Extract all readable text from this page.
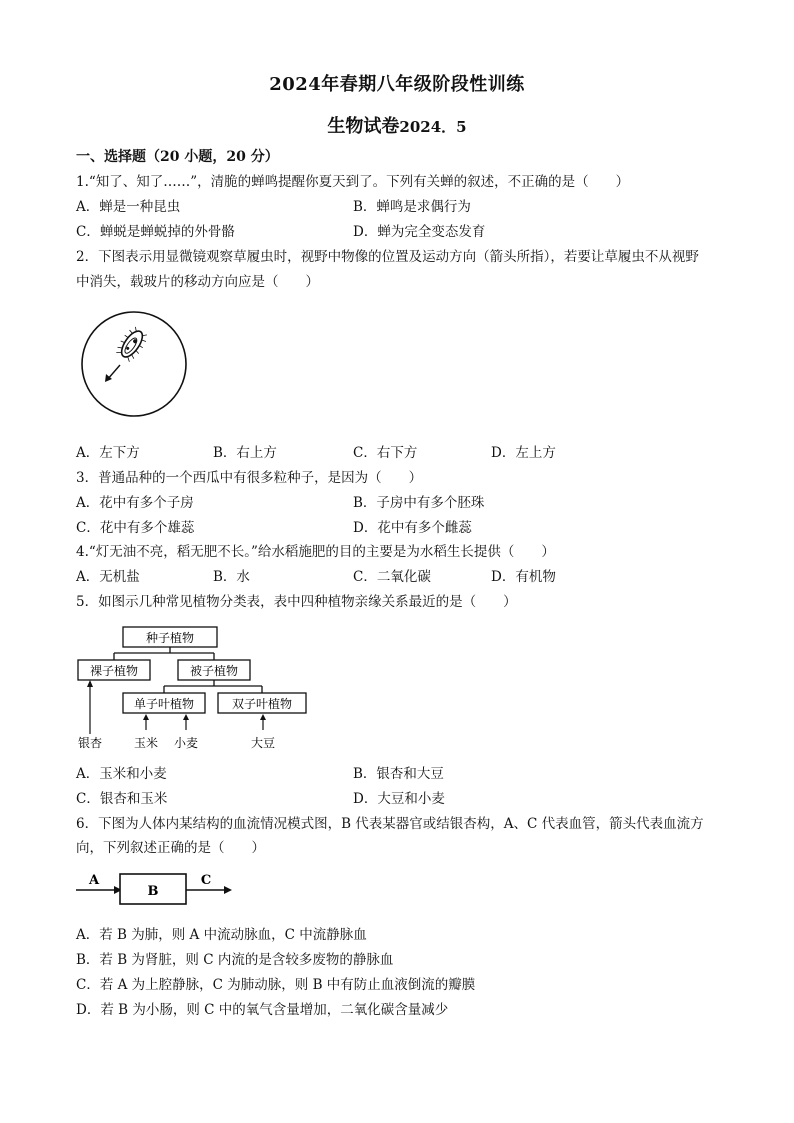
2024年春期八年级阶段性训练
生物试卷2024．5
一、选择题（20 小题，20 分）
1.“知了、知了……”，清脆的蝉鸣提醒你夏天到了。下列有关蝉的叙述，不正确的是（　　）
A．蝉是一种昆虫	B．蝉鸣是求偶行为
C．蝉蜕是蝉蜕掉的外骨骼	D．蝉为完全变态发育
2．下图表示用显微镜观察草履虫时，视野中物像的位置及运动方向（箭头所指），若要让草履虫不从视野
中消失，载玻片的移动方向应是（　　）
A．左下方	B．右上方	C．右下方	D．左上方
3．普通品种的一个西瓜中有很多粒种子，是因为（　　）
A．花中有多个子房	B．子房中有多个胚珠
C．花中有多个雄蕊	D．花中有多个雌蕊
4.“灯无油不亮，稻无肥不长。”给水稻施肥的目的主要是为水稻生长提供（　　）
A．无机盐	B．水	C．二氧化碳	D．有机物
5．如图示几种常见植物分类表，表中四种植物亲缘关系最近的是（　　）
种子植物
裸子植物	被子植物
单子叶植物	双子叶植物
银杏	玉米 小麦	大豆
A．玉米和小麦	B．银杏和大豆
C．银杏和玉米	D．大豆和小麦
6．下图为人体内某结构的血流情况模式图，B 代表某器官或结银杏构，A、C 代表血管，箭头代表血流方
向，下列叙述正确的是（　　）
A
B
C
A．若 B 为肺，则 A 中流动脉血，C 中流静脉血
B．若 B 为肾脏，则 C 内流的是含较多废物的静脉血
C．若 A 为上腔静脉，C 为肺动脉，则 B 中有防止血液倒流的瓣膜
D．若 B 为小肠，则 C 中的氧气含量增加，二氧化碳含量减少
